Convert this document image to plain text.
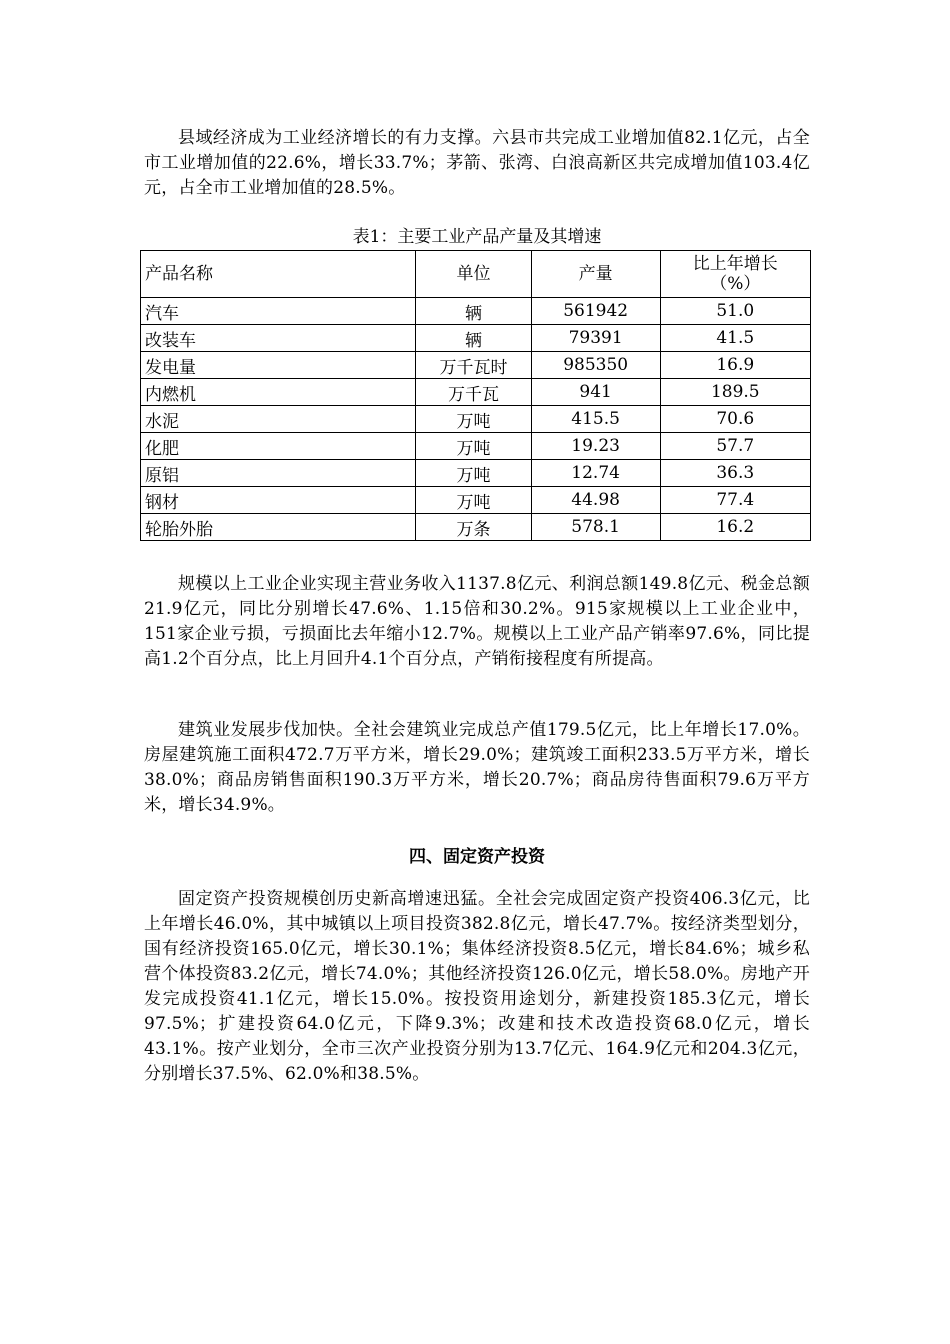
县域经济成为工业经济增长的有力支撑。六县市共完成工业增加值82.1亿元，占全市工业增加值的22.6%，增长33.7%；茅箭、张湾、白浪高新区共完成增加值103.4亿元，占全市工业增加值的28.5%。

表1：主要工业产品产量及其增速
产品名称	单位	产量	比上年增长
（%）

汽车	辆	561942	51.0
改装车	辆	79391	41.5
发电量	万千瓦时	985350	16.9
内燃机	万千瓦	941	189.5
水泥	万吨	415.5	70.6
化肥	万吨	19.23	57.7
原铝	万吨	12.74	36.3
钢材	万吨	44.98	77.4
轮胎外胎	万条	578.1	16.2

规模以上工业企业实现主营业务收入1137.8亿元、利润总额149.8亿元、税金总额21.9亿元，同比分别增长47.6%、1.15倍和30.2%。915家规模以上工业企业中，151家企业亏损，亏损面比去年缩小12.7%。规模以上工业产品产销率97.6%，同比提高1.2个百分点，比上月回升4.1个百分点，产销衔接程度有所提高。

建筑业发展步伐加快。全社会建筑业完成总产值179.5亿元，比上年增长17.0%。房屋建筑施工面积472.7万平方米，增长29.0%；建筑竣工面积233.5万平方米，增长38.0%；商品房销售面积190.3万平方米，增长20.7%；商品房待售面积79.6万平方米，增长34.9%。

四、固定资产投资

固定资产投资规模创历史新高增速迅猛。全社会完成固定资产投资406.3亿元，比上年增长46.0%，其中城镇以上项目投资382.8亿元，增长47.7%。按经济类型划分，国有经济投资165.0亿元，增长30.1%；集体经济投资8.5亿元，增长84.6%；城乡私营个体投资83.2亿元，增长74.0%；其他经济投资126.0亿元，增长58.0%。房地产开发完成投资41.1亿元，增长15.0%。按投资用途划分，新建投资185.3亿元，增长97.5%；扩建投资64.0亿元，下降9.3%；改建和技术改造投资68.0亿元，增长43.1%。按产业划分，全市三次产业投资分别为13.7亿元、164.9亿元和204.3亿元，分别增长37.5%、62.0%和38.5%。
